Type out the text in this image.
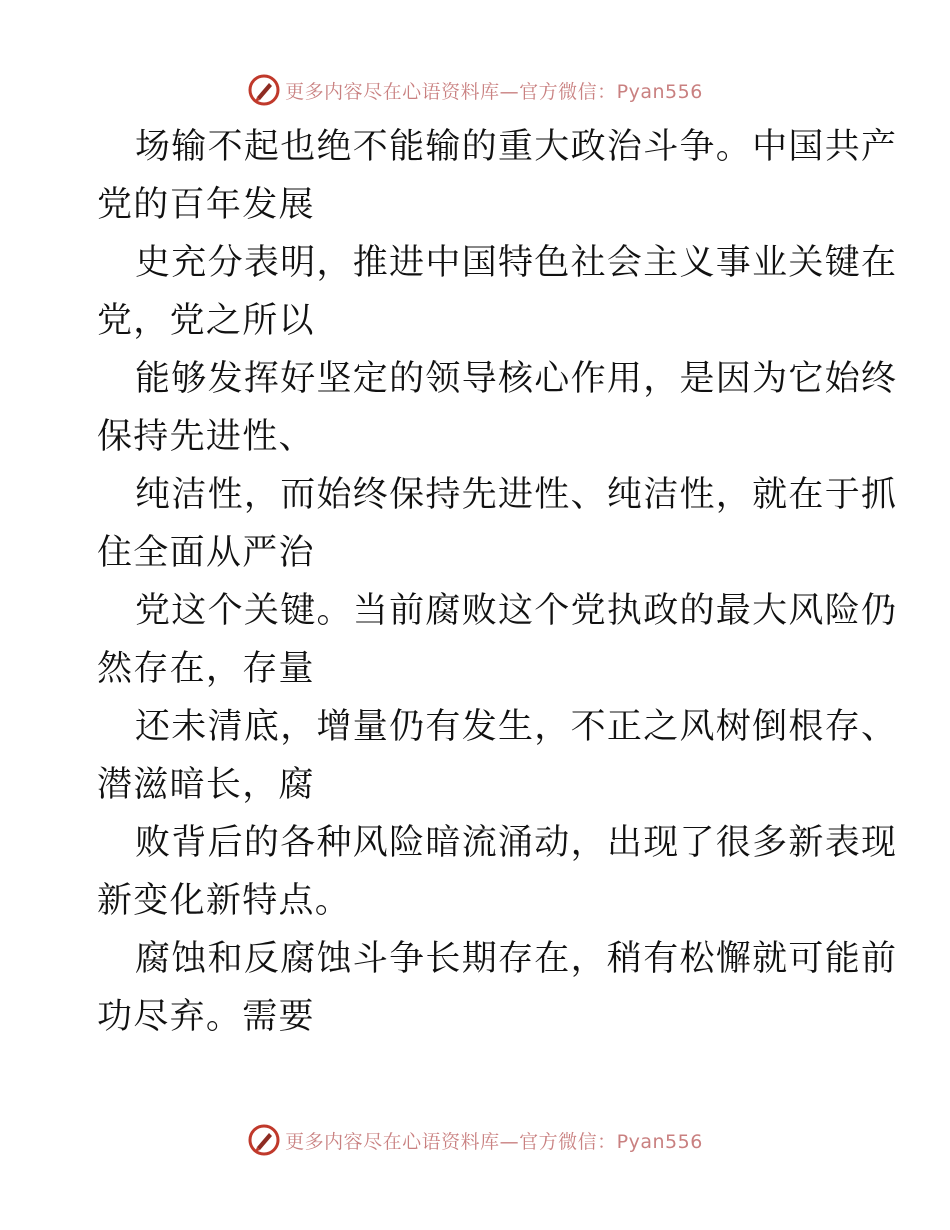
更多内容尽在心语资料库—官方微信：Pyan556

场输不起也绝不能输的重大政治斗争。中国共产
党的百年发展

史充分表明，推进中国特色社会主义事业关键在
党，党之所以

能够发挥好坚定的领导核心作用，是因为它始终
保持先进性、

纯洁性，而始终保持先进性、纯洁性，就在于抓
住全面从严治

党这个关键。当前腐败这个党执政的最大风险仍
然存在，存量

还未清底，增量仍有发生，不正之风树倒根存、
潜滋暗长，腐

败背后的各种风险暗流涌动，出现了很多新表现
新变化新特点。

腐蚀和反腐蚀斗争长期存在，稍有松懈就可能前
功尽弃。需要

更多内容尽在心语资料库—官方微信：Pyan556
